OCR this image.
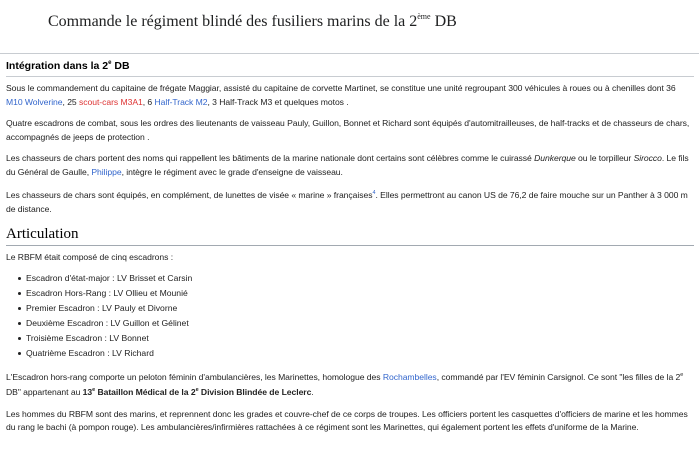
Commande le régiment blindé des fusiliers marins de la 2ème DB
Intégration dans la 2e DB

Sous le commandement du capitaine de frégate Maggiar, assisté du capitaine de corvette Martinet, se constitue une unité regroupant 300 véhicules à roues ou à chenilles dont 36 M10 Wolverine, 25 scout-cars M3A1, 6 Half-Track M2, 3 Half-Track M3 et quelques motos .

Quatre escadrons de combat, sous les ordres des lieutenants de vaisseau Pauly, Guillon, Bonnet et Richard sont équipés d'automitrailleuses, de half-tracks et de chasseurs de chars, accompagnés de jeeps de protection .

Les chasseurs de chars portent des noms qui rappellent les bâtiments de la marine nationale dont certains sont célèbres comme le cuirassé Dunkerque ou le torpilleur Sirocco. Le fils du Général de Gaulle, Philippe, intègre le régiment avec le grade d'enseigne de vaisseau.

Les chasseurs de chars sont équipés, en complément, de lunettes de visée « marine » françaises$^4$. Elles permettront au canon US de 76,2 de faire mouche sur un Panther à 3 000 m de distance.

Articulation

Le RBFM était composé de cinq escadrons :

Escadron d'état-major : LV Brisset et Carsin
Escadron Hors-Rang : LV Ollieu et Mounié
Premier Escadron : LV Pauly et Divorne
Deuxième Escadron : LV Guillon et Gélinet
Troisième Escadron : LV Bonnet
Quatrième Escadron : LV Richard

L'Escadron hors-rang comporte un peloton féminin d'ambulancières, les Marinettes, homologue des Rochambelles, commandé par l'EV féminin Carsignol. Ce sont "les filles de la 2e DB" appartenant au 13e Bataillon Médical de la 2e Division Blindée de Leclerc.

Les hommes du RBFM sont des marins, et reprennent donc les grades et couvre-chef de ce corps de troupes. Les officiers portent les casquettes d'officiers de marine et les hommes du rang le bachi (à pompon rouge). Les ambulancières/infirmières rattachées à ce régiment sont les Marinettes, qui également portent les effets d'uniforme de la Marine.
